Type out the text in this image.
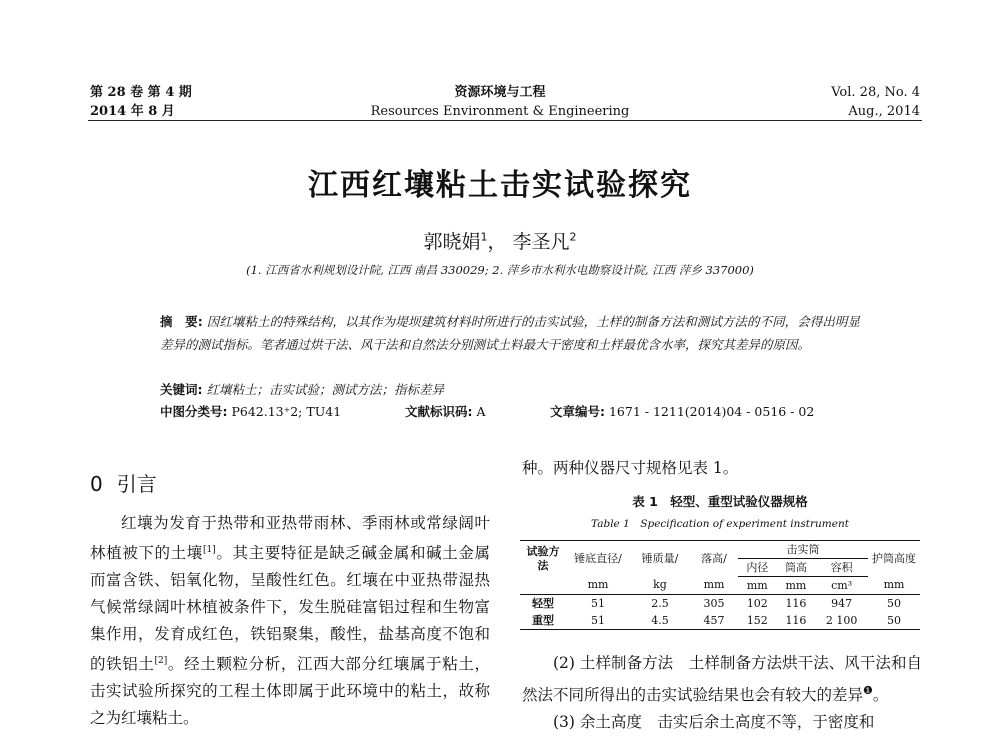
第 28 卷 第 4 期
2014 年 8 月
资源环境与工程
Resources Environment & Engineering
Vol. 28, No. 4
Aug., 2014
江西红壤粘土击实试验探究
郭晓娟$^1$， 李圣凡$^2$
(1. 江西省水利规划设计院, 江西 南昌 330029; 2. 萍乡市水利水电勘察设计院, 江西 萍乡 337000)
摘　要: 因红壤粘土的特殊结构，以其作为堤坝建筑材料时所进行的击实试验，土样的制备方法和测试方法的不同，会得出明显差异的测试指标。笔者通过烘干法、风干法和自然法分别测试土料最大干密度和土样最优含水率，探究其差异的原因。
关键词: 红壤粘土；击实试验；测试方法；指标差异
中图分类号: P642.13⁺2; TU41	文献标识码: A	文章编号: 1671 - 1211(2014)04 - 0516 - 02
0 引言

红壤为发育于热带和亚热带雨林、季雨林或常绿阔叶林植被下的土壤[1]。其主要特征是缺乏碱金属和碱土金属而富含铁、铝氧化物，呈酸性红色。红壤在中亚热带湿热气候常绿阔叶林植被条件下，发生脱硅富铝过程和生物富集作用，发育成红色，铁铝聚集，酸性，盐基高度不饱和的铁铝土[2]。经土颗粒分析，江西大部分红壤属于粘土，击实试验所探究的工程土体即属于此环境中的粘土，故称之为红壤粘土。

种。两种仪器尺寸规格见表 1。
表 1　轻型、重型试验仪器规格
Table 1　Specification of experiment instrument
试验方法	锤底直径/	锤质量/	落高/	击实筒			护筒高度
				内径	筒高	容积	
	mm	kg	mm	mm	mm	cm³	mm
轻型	51	2.5	305	102	116	947	50
重型	51	4.5	457	152	116	2 100	50

(2) 土样制备方法　土样制备方法烘干法、风干法和自然法不同所得出的击实试验结果也会有较大的差异$^❶$。

(3) 余土高度　击实后余土高度不等，于密度和
